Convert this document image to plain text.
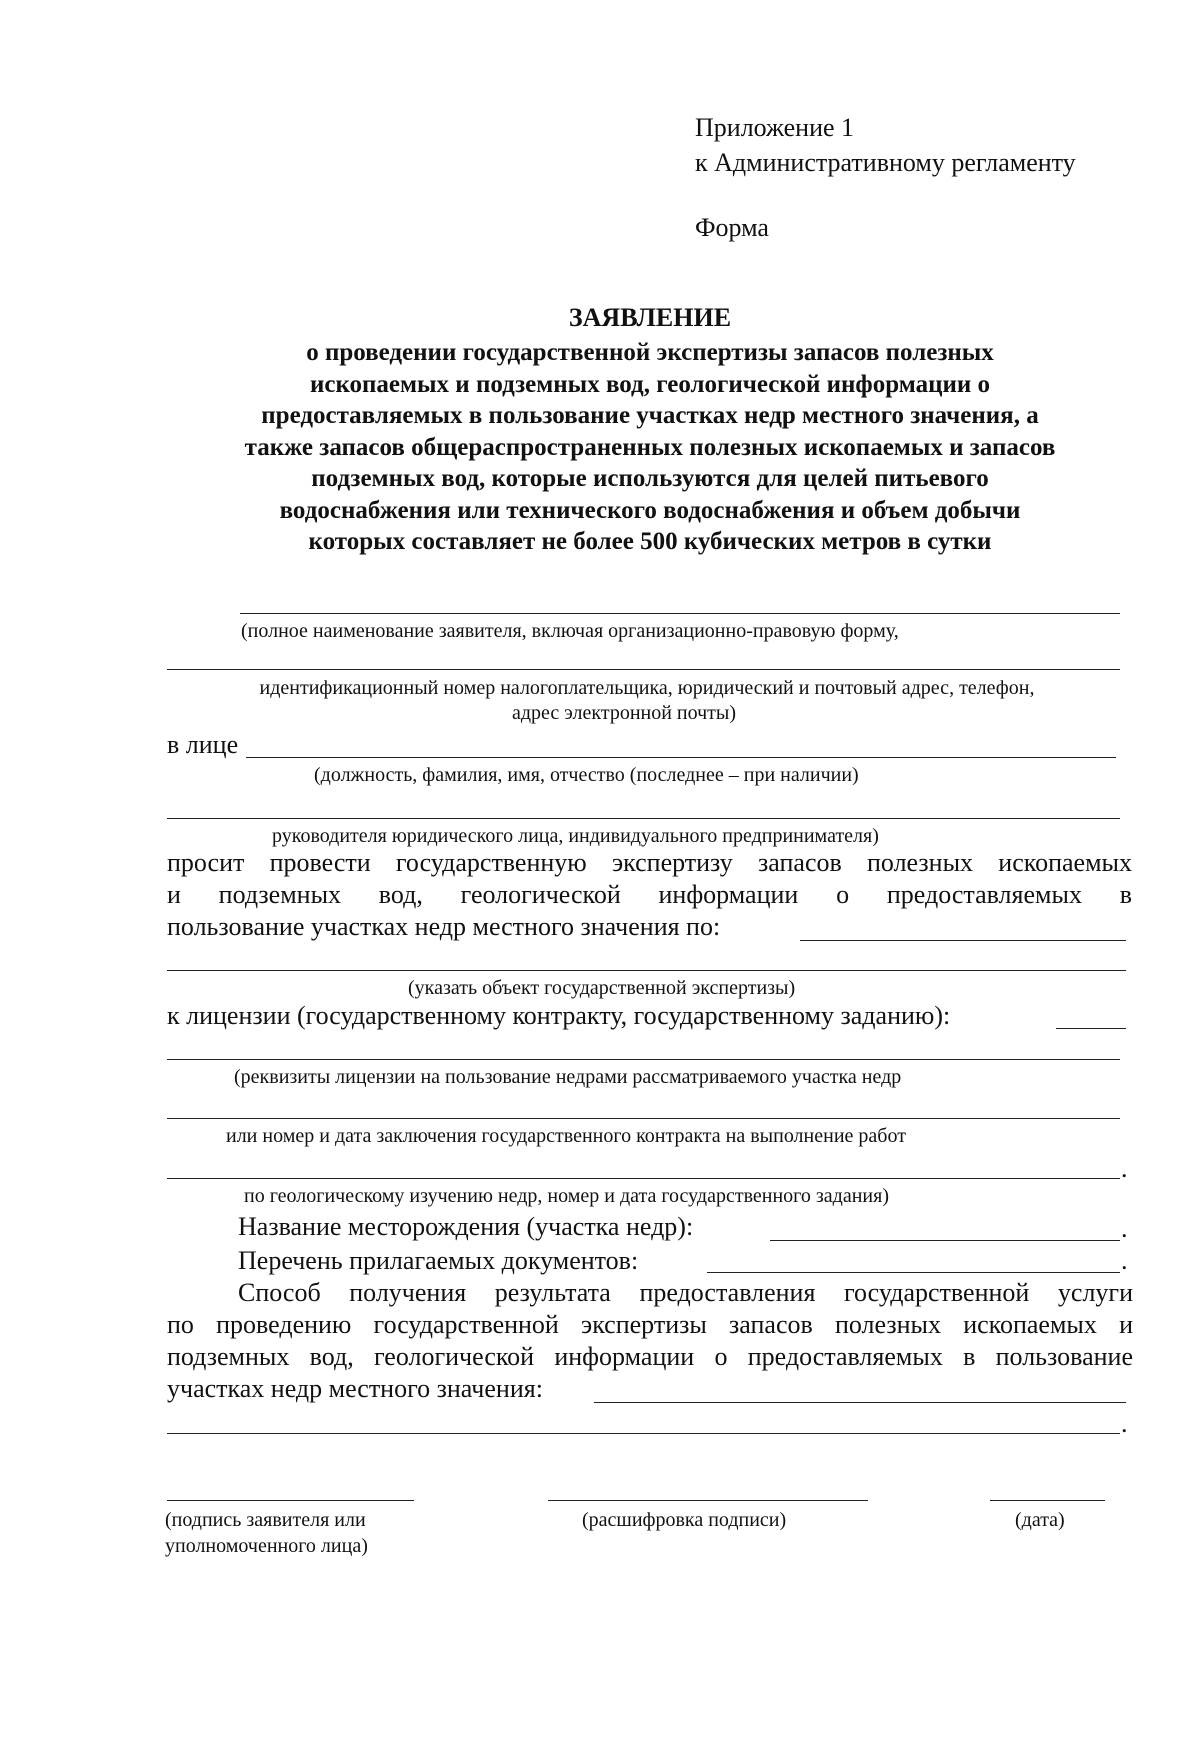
Приложение 1
к Административному регламенту
Форма
ЗАЯВЛЕНИЕ
о проведении государственной экспертизы запасов полезных
ископаемых и подземных вод, геологической информации о
предоставляемых в пользование участках недр местного значения, а
также запасов общераспространенных полезных ископаемых и запасов
подземных вод, которые используются для целей питьевого
водоснабжения или технического водоснабжения и объем добычи
которых составляет не более 500 кубических метров в сутки
(полное наименование заявителя, включая организационно-правовую форму,
идентификационный номер налогоплательщика, юридический и почтовый адрес, телефон,
адрес электронной почты)
в лице
(должность, фамилия, имя, отчество (последнее – при наличии)
руководителя юридического лица, индивидуального предпринимателя)
просит провести государственную экспертизу запасов полезных ископаемых
и подземных вод, геологической информации о предоставляемых в
пользование участках недр местного значения по:
(указать объект государственной экспертизы)
к лицензии (государственному контракту, государственному заданию):
(реквизиты лицензии на пользование недрами рассматриваемого участка недр
или номер и дата заключения государственного контракта на выполнение работ
.
по геологическому изучению недр, номер и дата государственного задания)
Название месторождения (участка недр):	.
Перечень прилагаемых документов:	.
Способ получения результата предоставления государственной услуги
по проведению государственной экспертизы запасов полезных ископаемых и
подземных вод, геологической информации о предоставляемых в пользование
участках недр местного значения:
.
(подпись заявителя или
уполномоченного лица)
(расшифровка подписи)	(дата)
